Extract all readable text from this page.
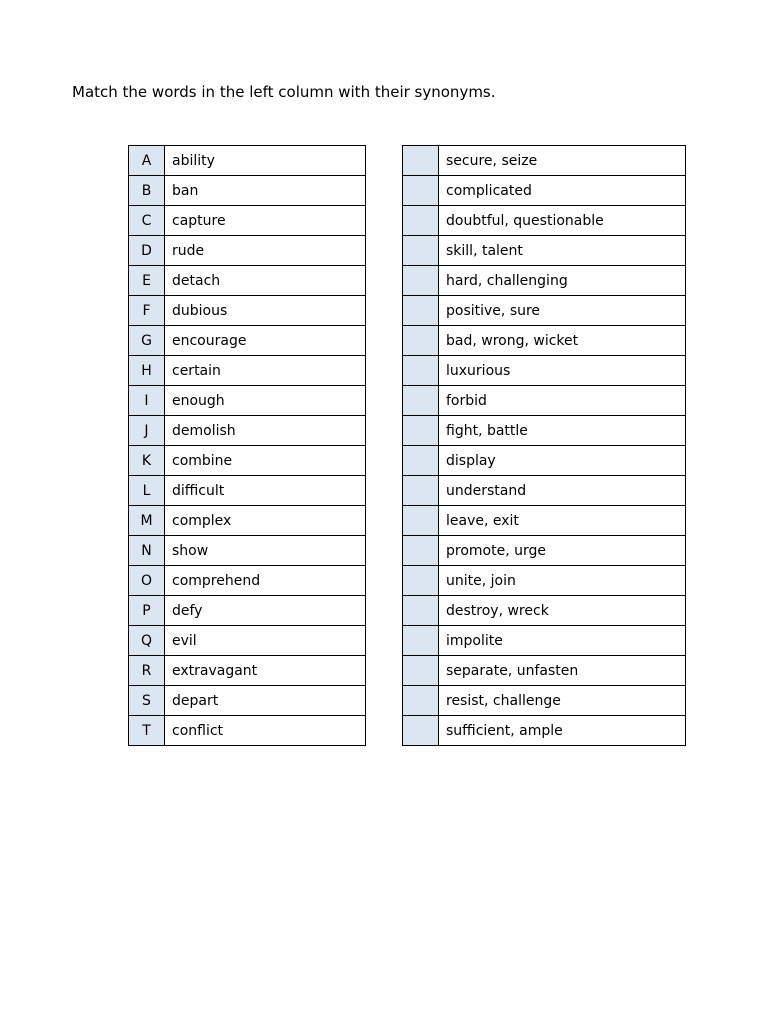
Match the words in the left column with their synonyms.
A	ability
B	ban
C	capture
D	rude
E	detach
F	dubious
G	encourage
H	certain
I	enough
J	demolish
K	combine
L	difficult
M	complex
N	show
O	comprehend
P	defy
Q	evil
R	extravagant
S	depart
T	conflict
	secure, seize
	complicated
	doubtful, questionable
	skill, talent
	hard, challenging
	positive, sure
	bad, wrong, wicket
	luxurious
	forbid
	fight, battle
	display
	understand
	leave, exit
	promote, urge
	unite, join
	destroy, wreck
	impolite
	separate, unfasten
	resist, challenge
	sufficient, ample
